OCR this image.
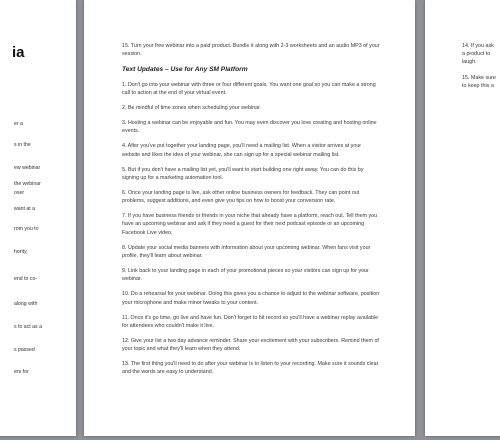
ia
er a
s in the
ew webinar
the webinar
oser
want at a
rom you to
hority.
end to co-
along with
s to act as a
s passed
ers for

15. Turn your free webinar into a paid product. Bundle it along with 2-3 worksheets and an audio MP3 of your session.

Text Updates – Use for Any SM Platform

1. Don't go into your webinar with three or four different goals. You want one goal so you can make a strong call to action at the end of your virtual event.

2. Be mindful of time zones when scheduling your webinar.

3. Hosting a webinar can be enjoyable and fun. You may even discover you love creating and hosting online events.

4. After you've put together your landing page, you'll need a mailing list. When a visitor arrives at your website and likes the idea of your webinar, she can sign up for a special webinar mailing list.

5. But if you don't have a mailing list yet, you'll want to start building one right away. You can do this by signing up for a marketing automation tool.

6. Once your landing page is live, ask other online business owners for feedback. They can point out problems, suggest additions, and even give you tips on how to boost your conversion rate.

7. If you have business friends or friends in your niche that already have a platform, reach out. Tell them you have an upcoming webinar and ask if they need a guest for their next podcast episode or an upcoming Facebook Live video.

8. Update your social media banners with information about your upcoming webinar. When fans visit your profile, they'll learn about webinar.

9. Link back to your landing page in each of your promotional pieces so your visitors can sign up for your webinar.

10. Do a rehearsal for your webinar. Doing this gives you a chance to adjust to the webinar software, position your microphone and make minor tweaks to your content.

11. Once it's go time, go live and have fun. Don't forget to hit record so you'll have a webinar replay available for attendees who couldn't make it live.

12. Give your list a two day advance reminder. Share your excitement with your subscribers. Remind them of your topic and what they'll learn when they attend.

13. The first thing you'll need to do after your webinar is to listen to your recording. Make sure it sounds clear and the words are easy to understand.

14. If you ask
a product to
laugh.

15. Make sure
to keep this a
